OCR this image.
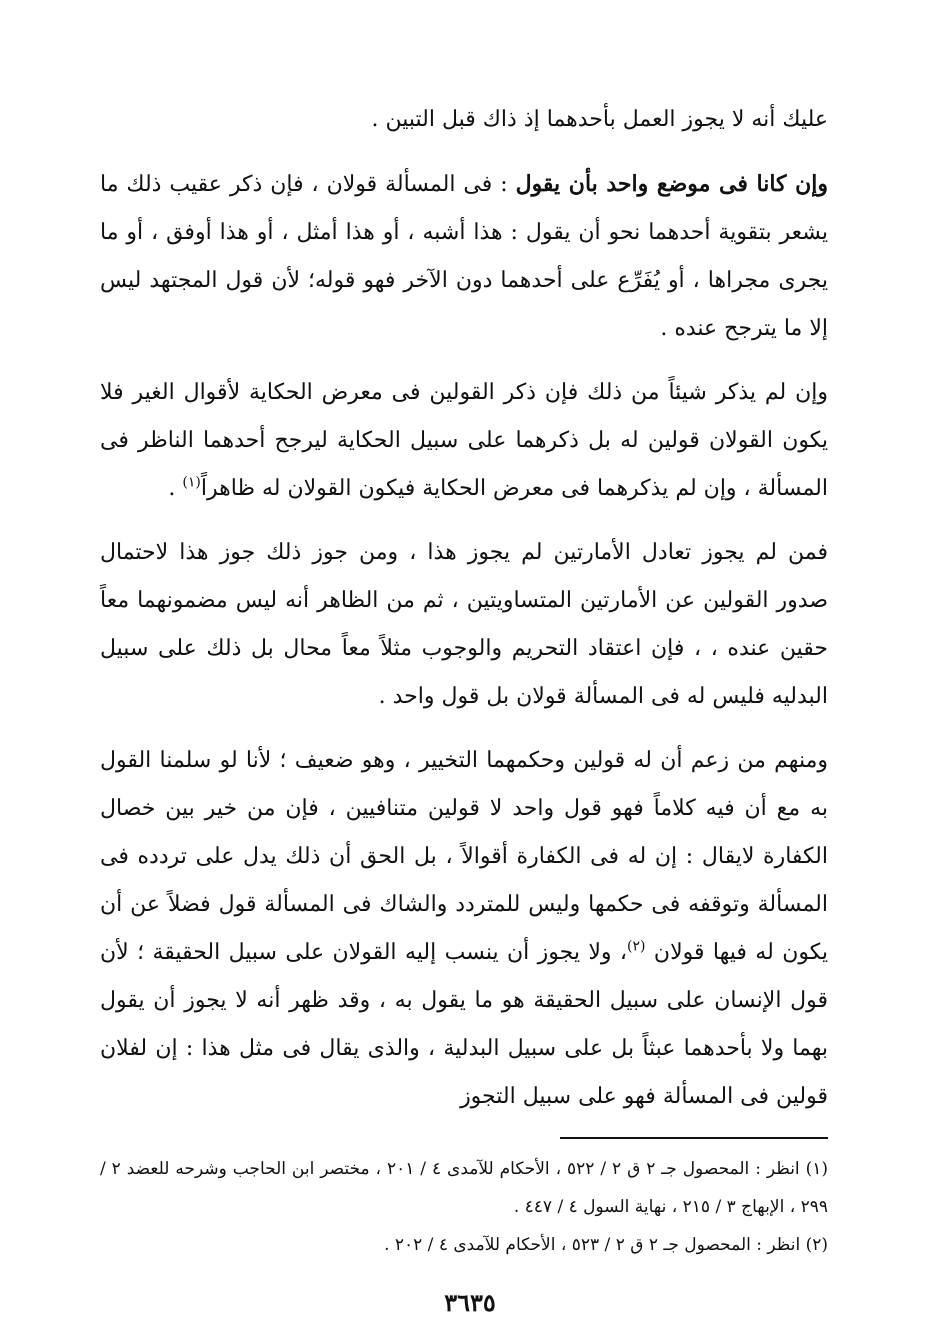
عليك أنه لا يجوز العمل بأحدهما إذ ذاك قبل التبين .

وإن كانا فى موضع واحد بأن يقول : فى المسألة قولان ، فإن ذكر عقيب ذلك ما يشعر بتقوية أحدهما نحو أن يقول : هذا أشبه ، أو هذا أمثل ، أو هذا أوفق ، أو ما يجرى مجراها ، أو يُفَرِّع على أحدهما دون الآخر فهو قوله؛ لأن قول المجتهد ليس إلا ما يترجح عنده .

وإن لم يذكر شيئاً من ذلك فإن ذكر القولين فى معرض الحكاية لأقوال الغير فلا يكون القولان قولين له بل ذكرهما على سبيل الحكاية ليرجح أحدهما الناظر فى المسألة ، وإن لم يذكرهما فى معرض الحكاية فيكون القولان له ظاهراً$^{(١)}$ .

فمن لم يجوز تعادل الأمارتين لم يجوز هذا ، ومن جوز ذلك جوز هذا لاحتمال صدور القولين عن الأمارتين المتساويتين ، ثم من الظاهر أنه ليس مضمونهما معاً حقين عنده ، ، فإن اعتقاد التحريم والوجوب مثلاً معاً محال بل ذلك على سبيل البدليه فليس له فى المسألة قولان بل قول واحد .

ومنهم من زعم أن له قولين وحكمهما التخيير ، وهو ضعيف ؛ لأنا لو سلمنا القول به مع أن فيه كلاماً فهو قول واحد لا قولين متنافيين ، فإن من خير بين خصال الكفارة لايقال : إن له فى الكفارة أقوالاً ، بل الحق أن ذلك يدل على تردده فى المسألة وتوقفه فى حكمها وليس للمتردد والشاك فى المسألة قول فضلاً عن أن يكون له فيها قولان $^{(٢)}$، ولا يجوز أن ينسب إليه القولان على سبيل الحقيقة ؛ لأن قول الإنسان على سبيل الحقيقة هو ما يقول به ، وقد ظهر أنه لا يجوز أن يقول بهما ولا بأحدهما عبثاً بل على سبيل البدلية ، والذى يقال فى مثل هذا : إن لفلان قولين فى المسألة فهو على سبيل التجوز

(١) انظر : المحصول جـ ٢ ق ٢ / ٥٢٢ ، الأحكام للآمدى ٤ / ٢٠١ ، مختصر ابن الحاجب وشرحه للعضد ٢ / ٢٩٩ ، الإبهاج ٣ / ٢١٥ ، نهاية السول ٤ / ٤٤٧ .

(٢) انظر : المحصول جـ ٢ ق ٢ / ٥٢٣ ، الأحكام للآمدى ٤ / ٢٠٢ .

٣٦٣٥
